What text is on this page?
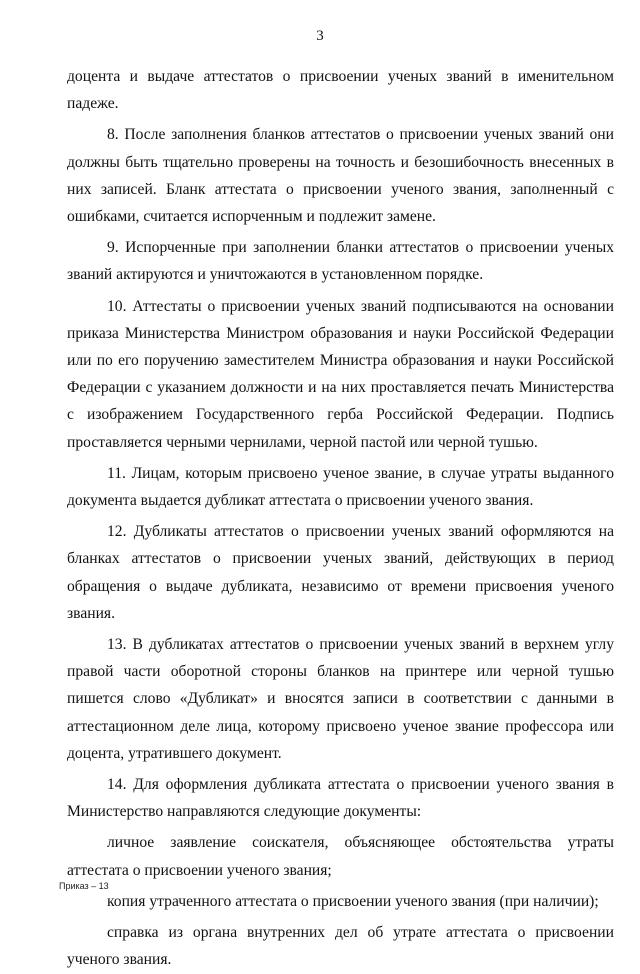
3

доцента и выдаче аттестатов о присвоении ученых званий в именительном падеже.

8. После заполнения бланков аттестатов о присвоении ученых званий они должны быть тщательно проверены на точность и безошибочность внесенных в них записей. Бланк аттестата о присвоении ученого звания, заполненный с ошибками, считается испорченным и подлежит замене.

9. Испорченные при заполнении бланки аттестатов о присвоении ученых званий актируются и уничтожаются в установленном порядке.

10. Аттестаты о присвоении ученых званий подписываются на основании приказа Министерства Министром образования и науки Российской Федерации или по его поручению заместителем Министра образования и науки Российской Федерации с указанием должности и на них проставляется печать Министерства с изображением Государственного герба Российской Федерации. Подпись проставляется черными чернилами, черной пастой или черной тушью.

11. Лицам, которым присвоено ученое звание, в случае утраты выданного документа выдается дубликат аттестата о присвоении ученого звания.

12. Дубликаты аттестатов о присвоении ученых званий оформляются на бланках аттестатов о присвоении ученых званий, действующих в период обращения о выдаче дубликата, независимо от времени присвоения ученого звания.

13. В дубликатах аттестатов о присвоении ученых званий в верхнем углу правой части оборотной стороны бланков на принтере или черной тушью пишется слово «Дубликат» и вносятся записи в соответствии с данными в аттестационном деле лица, которому присвоено ученое звание профессора или доцента, утратившего документ.

14. Для оформления дубликата аттестата о присвоении ученого звания в Министерство направляются следующие документы:

личное заявление соискателя, объясняющее обстоятельства утраты аттестата о присвоении ученого звания;

копия утраченного аттестата о присвоении ученого звания (при наличии);

справка из органа внутренних дел об утрате аттестата о присвоении ученого звания.

Приказ – 13
